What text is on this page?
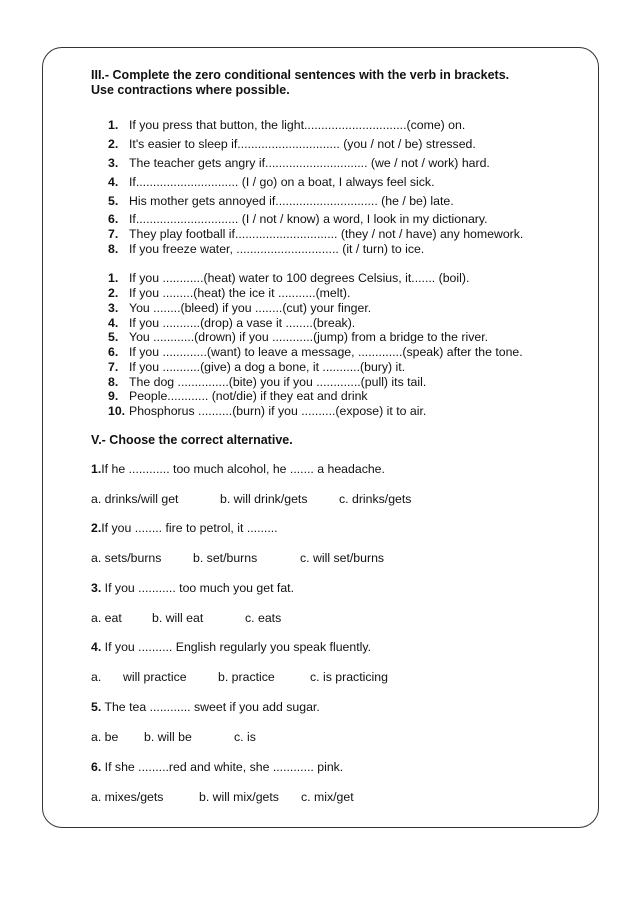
III.- Complete the zero conditional sentences with the verb in brackets.
Use contractions where possible.
1. If you press that button, the light..............................(come) on.
2. It's easier to sleep if.............................. (you / not / be) stressed.
3. The teacher gets angry if.............................. (we / not / work) hard.
4. If.............................. (I / go) on a boat, I always feel sick.
5. His mother gets annoyed if.............................. (he / be) late.
6. If.............................. (I / not / know) a word, I look in my dictionary.
7. They play football if.............................. (they / not / have) any homework.
8. If you freeze water, .............................. (it / turn) to ice.
1. If you ............(heat) water to 100 degrees Celsius, it....... (boil).
2. If you .........(heat) the ice it ...........(melt).
3. You ........(bleed) if you ........(cut) your finger.
4. If you ...........(drop) a vase it ........(break).
5. You ............(drown) if you ............(jump) from a bridge to the river.
6. If you .............(want) to leave a message, .............(speak) after the tone.
7. If you ...........(give) a dog a bone, it ...........(bury) it.
8. The dog ...............(bite) you if you .............(pull) its tail.
9. People............ (not/die) if they eat and drink
10. Phosphorus ..........(burn) if you ..........(expose) it to air.
V.- Choose the correct alternative.
1.If he ............ too much alcohol, he ....... a headache.
a. drinks/will get	b. will drink/gets	c. drinks/gets
2.If you ........ fire to petrol, it .........
a. sets/burns	b. set/burns	c. will set/burns
3. If you ........... too much you get fat.
a. eat b. will eat	c. eats
4. If you .......... English regularly you speak fluently.
a. will practice	b. practice	c. is practicing
5. The tea ............ sweet if you add sugar.
a. be b. will be	c. is
6. If she .........red and white, she ............ pink.
a. mixes/gets	b. will mix/gets c. mix/get
